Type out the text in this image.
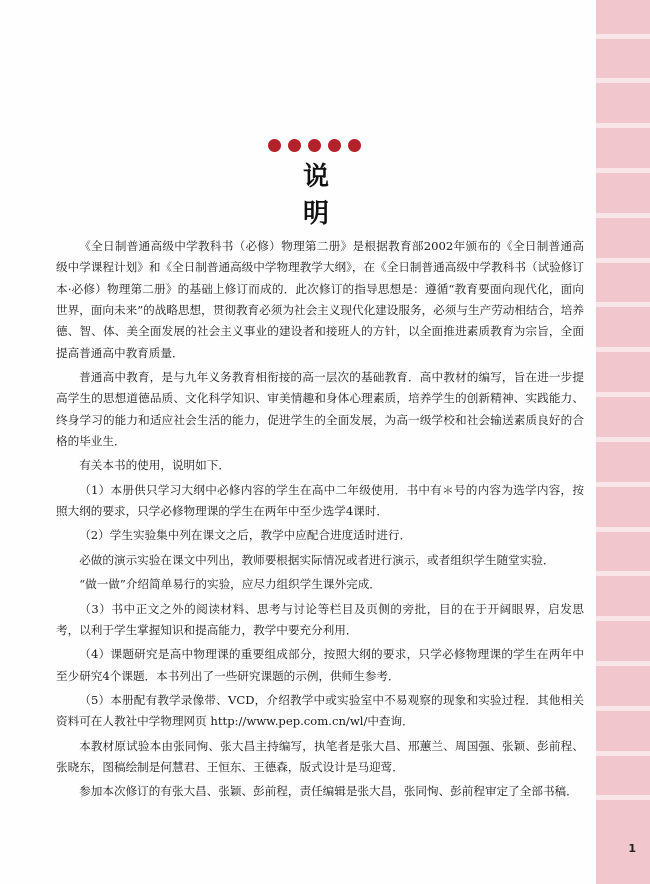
说 明

《全日制普通高级中学教科书（必修）物理第二册》是根据教育部2002年颁布的《全日制普通高级中学课程计划》和《全日制普通高级中学物理教学大纲》，在《全日制普通高级中学教科书（试验修订本·必修）物理第二册》的基础上修订而成的．此次修订的指导思想是：遵循“教育要面向现代化，面向世界，面向未来”的战略思想，贯彻教育必须为社会主义现代化建设服务，必须与生产劳动相结合，培养德、智、体、美全面发展的社会主义事业的建设者和接班人的方针，以全面推进素质教育为宗旨，全面提高普通高中教育质量．

普通高中教育，是与九年义务教育相衔接的高一层次的基础教育．高中教材的编写，旨在进一步提高学生的思想道德品质、文化科学知识、审美情趣和身体心理素质，培养学生的创新精神、实践能力、终身学习的能力和适应社会生活的能力，促进学生的全面发展，为高一级学校和社会输送素质良好的合格的毕业生．

有关本书的使用，说明如下．

（1）本册供只学习大纲中必修内容的学生在高中二年级使用．书中有＊号的内容为选学内容，按照大纲的要求，只学必修物理课的学生在两年中至少选学4课时．

（2）学生实验集中列在课文之后，教学中应配合进度适时进行．

必做的演示实验在课文中列出，教师要根据实际情况或者进行演示，或者组织学生随堂实验．

“做一做”介绍简单易行的实验，应尽力组织学生课外完成．

（3）书中正文之外的阅读材料、思考与讨论等栏目及页侧的旁批，目的在于开阔眼界，启发思考，以利于学生掌握知识和提高能力，教学中要充分利用．

（4）课题研究是高中物理课的重要组成部分，按照大纲的要求，只学必修物理课的学生在两年中至少研究4个课题．本书列出了一些研究课题的示例，供师生参考．

（5）本册配有教学录像带、VCD，介绍教学中或实验室中不易观察的现象和实验过程．其他相关资料可在人教社中学物理网页 http://www.pep.com.cn/wl/中查询．

本教材原试验本由张同恂、张大昌主持编写，执笔者是张大昌、邢蕙兰、周国强、张颖、彭前程、张晓东，图稿绘制是何慧君、王恒东、王德森，版式设计是马迎莺．

参加本次修订的有张大昌、张颖、彭前程，责任编辑是张大昌，张同恂、彭前程审定了全部书稿．

1
